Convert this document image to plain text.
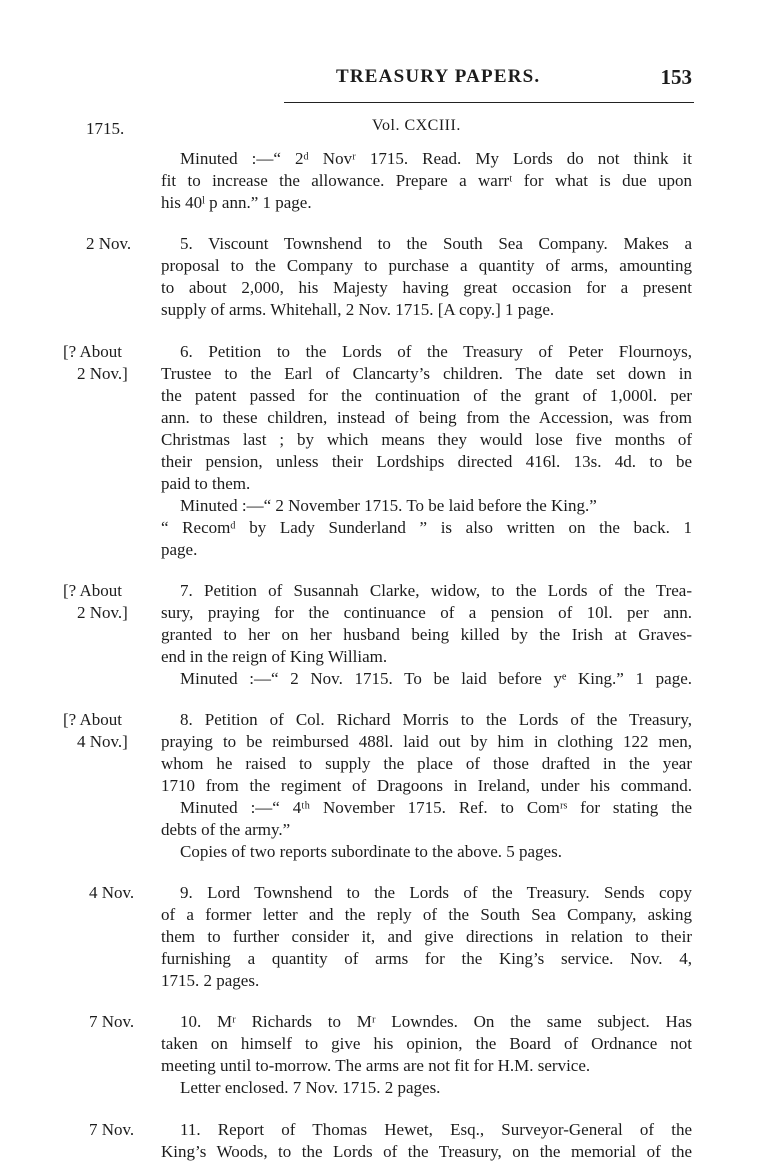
TREASURY PAPERS.	153
1715.	Vol. CXCIII.
Minuted :—“ 2ᵈ Novʳ 1715. Read. My Lords do not think it
fit to increase the allowance. Prepare a warrᵗ for what is due upon
his 40ˡ p ann.” 1 page.
5. Viscount Townshend to the South Sea Company. Makes a
proposal to the Company to purchase a quantity of arms, amounting
to about 2,000, his Majesty having great occasion for a present
supply of arms. Whitehall, 2 Nov. 1715. [A copy.] 1 page.
6. Petition to the Lords of the Treasury of Peter Flournoys,
Trustee to the Earl of Clancarty’s children. The date set down in
the patent passed for the continuation of the grant of 1,000l. per
ann. to these children, instead of being from the Accession, was from
Christmas last ; by which means they would lose five months of
their pension, unless their Lordships directed 416l. 13s. 4d. to be
paid to them.
Minuted :—“ 2 November 1715. To be laid before the King.”
“ Recomᵈ by Lady Sunderland ” is also written on the back. 1
page.
7. Petition of Susannah Clarke, widow, to the Lords of the Trea-
sury, praying for the continuance of a pension of 10l. per ann.
granted to her on her husband being killed by the Irish at Graves-
end in the reign of King William.
Minuted :—“ 2 Nov. 1715. To be laid before yᵉ King.” 1 page.
8. Petition of Col. Richard Morris to the Lords of the Treasury,
praying to be reimbursed 488l. laid out by him in clothing 122 men,
whom he raised to supply the place of those drafted in the year
1710 from the regiment of Dragoons in Ireland, under his command.
Minuted :—“ 4ᵗʰ November 1715. Ref. to Comʳˢ for stating the
debts of the army.”
Copies of two reports subordinate to the above. 5 pages.
9. Lord Townshend to the Lords of the Treasury. Sends copy
of a former letter and the reply of the South Sea Company, asking
them to further consider it, and give directions in relation to their
furnishing a quantity of arms for the King’s service. Nov. 4,
1715. 2 pages.
10. Mʳ Richards to Mʳ Lowndes. On the same subject. Has
taken on himself to give his opinion, the Board of Ordnance not
meeting until to-morrow. The arms are not fit for H.M. service.
Letter enclosed. 7 Nov. 1715. 2 pages.
11. Report of Thomas Hewet, Esq., Surveyor-General of the
King’s Woods, to the Lords of the Treasury, on the memorial of the
2 Nov.
[? About
2 Nov.]
[? About
2 Nov.]
[? About
4 Nov.]
4 Nov.
7 Nov.
7 Nov.
